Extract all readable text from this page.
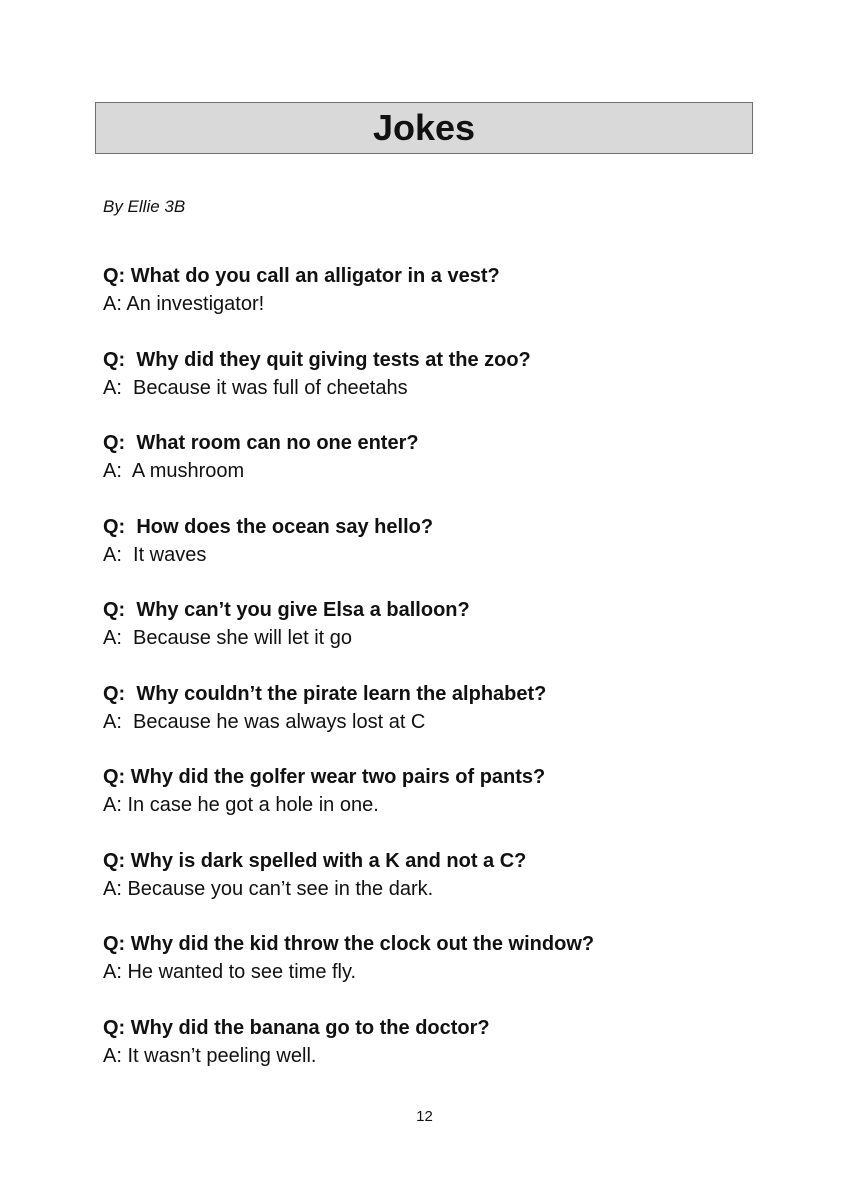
Jokes
By Ellie 3B
Q: What do you call an alligator in a vest?
A: An investigator!
Q:  Why did they quit giving tests at the zoo?
A:  Because it was full of cheetahs
Q:  What room can no one enter?
A:  A mushroom
Q:  How does the ocean say hello?
A:  It waves
Q:  Why can’t you give Elsa a balloon?
A:  Because she will let it go
Q:  Why couldn’t the pirate learn the alphabet?
A:  Because he was always lost at C
Q: Why did the golfer wear two pairs of pants?
A: In case he got a hole in one.
Q: Why is dark spelled with a K and not a C?
A: Because you can’t see in the dark.
Q: Why did the kid throw the clock out the window?
A: He wanted to see time fly.
Q: Why did the banana go to the doctor?
A: It wasn’t peeling well.
12
